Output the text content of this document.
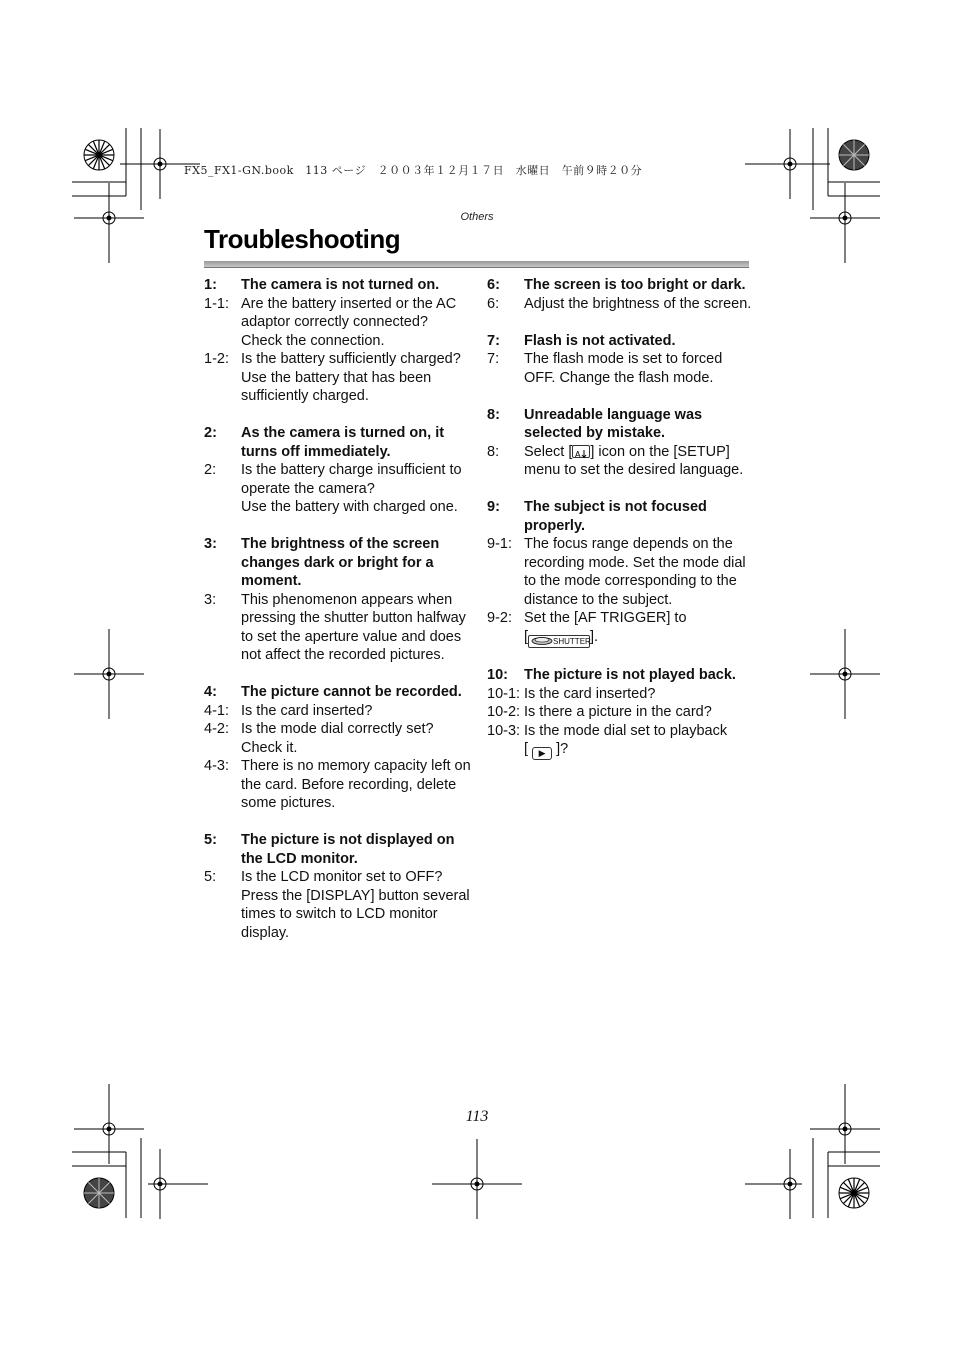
FX5_FX1-GN.book　113 ページ　２００３年１２月１７日　水曜日　午前９時２０分
Others
Troubleshooting
1:	The camera is not turned on.
1-1: Are the battery inserted or the AC adaptor correctly connected? Check the connection.
1-2: Is the battery sufficiently charged? Use the battery that has been sufficiently charged.
2:	As the camera is turned on, it turns off immediately.
2:	Is the battery charge insufficient to operate the camera?
Use the battery with charged one.
3:	The brightness of the screen changes dark or bright for a moment.
3:	This phenomenon appears when pressing the shutter button halfway to set the aperture value and does not affect the recorded pictures.
4:	The picture cannot be recorded.
4-1: Is the card inserted?
4-2: Is the mode dial correctly set? Check it.
4-3: There is no memory capacity left on the card. Before recording, delete some pictures.
5:	The picture is not displayed on the LCD monitor.
5:	Is the LCD monitor set to OFF? Press the [DISPLAY] button several times to switch to LCD monitor display.
6:	The screen is too bright or dark.
6:	Adjust the brightness of the screen.
7:	Flash is not activated.
7:	The flash mode is set to forced OFF. Change the flash mode.
8:	Unreadable language was selected by mistake.
8:	Select [ A ] icon on the [SETUP] menu to set the desired language.
9:	The subject is not focused properly.
9-1: The focus range depends on the recording mode. Set the mode dial to the mode corresponding to the distance to the subject.
9-2: Set the [AF TRIGGER] to
[	SHUTTER].
10:	The picture is not played back.
10-1: Is the card inserted?
10-2: Is there a picture in the card?
10-3: Is the mode dial set to playback
[ ▶ ]?
113
